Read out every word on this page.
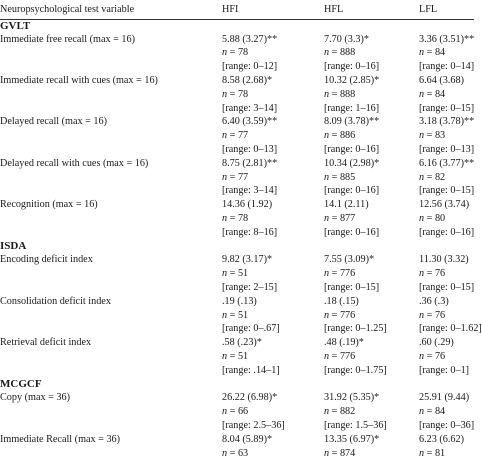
Neuropsychological test variable	HFI	HFL	LFL
GVLT			
Immediate free recall (max = 16)	5.88 (3.27)**	7.70 (3.3)*	3.36 (3.51)**
	n = 78	n = 888	n = 84
	[range: 0–12]	[range: 0–16]	[range: 0–14]
Immediate recall with cues (max = 16)	8.58 (2.68)*	10.32 (2.85)*	6.64 (3.68)
	n = 78	n = 888	n = 84
	[range: 3–14]	[range: 1–16]	[range: 0–15]
Delayed recall (max = 16)	6.40 (3.59)**	8.09 (3.78)**	3.18 (3.78)**
	n = 77	n = 886	n = 83
	[range: 0–13]	[range: 0–16]	[range: 0–13]
Delayed recall with cues (max = 16)	8.75 (2.81)**	10.34 (2.98)*	6.16 (3.77)**
	n = 77	n = 885	n = 82
	[range: 3–14]	[range: 0–16]	[range: 0–15]
Recognition (max = 16)	14.36 (1.92)	14.1 (2.11)	12.56 (3.74)
	n = 78	n = 877	n = 80
	[range: 8–16]	[range: 0–16]	[range: 0–16]
ISDA			
Encoding deficit index	9.82 (3.17)*	7.55 (3.09)*	11.30 (3.32)
	n = 51	n = 776	n = 76
	[range: 2–15]	[range: 0–15]	[range: 0–15]
Consolidation deficit index	.19 (.13)	.18 (.15)	.36 (.3)
	n = 51	n = 776	n = 76
	[range: 0–.67]	[range: 0–1.25]	[range: 0–1.62]
Retrieval deficit index	.58 (.23)*	.48 (.19)*	.60 (.29)
	n = 51	n = 776	n = 76
	[range: .14–1]	[range: 0–1.75]	[range: 0–1]
MCGCF			
Copy (max = 36)	26.22 (6.98)*	31.92 (5.35)*	25.91 (9.44)
	n = 66	n = 882	n = 84
	[range: 2.5–36]	[range: 1.5–36]	[range: 0–36]
Immediate Recall (max = 36)	8.04 (5.89)*	13.35 (6.97)*	6.23 (6.62)
	n = 63	n = 874	n = 81
